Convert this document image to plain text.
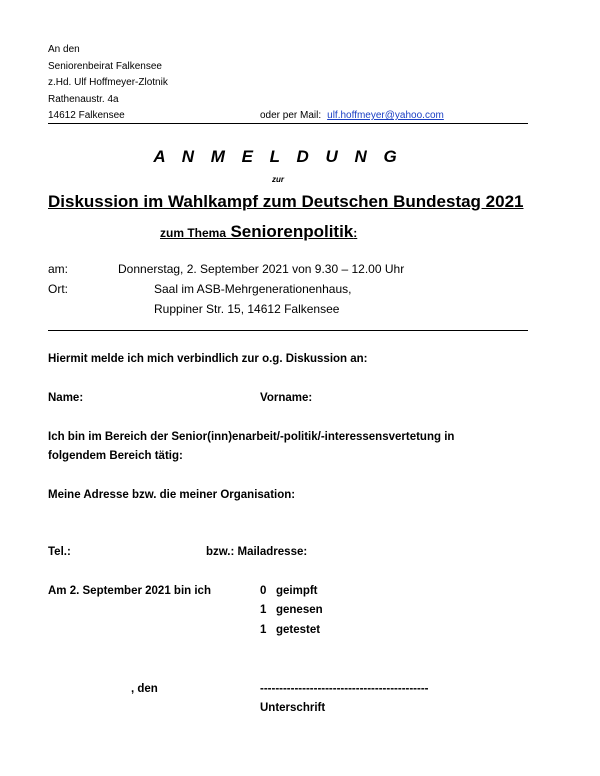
An den
Seniorenbeirat Falkensee
z.Hd. Ulf Hoffmeyer-Zlotnik
Rathenaustr. 4a
14612 Falkensee	oder per Mail: ulf.hoffmeyer@yahoo.com
A N M E L D U N G
zur
Diskussion im Wahlkampf zum Deutschen Bundestag 2021
zum Thema Seniorenpolitik:
am:	Donnerstag, 2. September 2021 von 9.30 – 12.00 Uhr
Ort:	Saal im ASB-Mehrgenerationenhaus,
Ruppiner Str. 15, 14612 Falkensee
Hiermit melde ich mich verbindlich zur o.g. Diskussion an:
Name:	Vorname:
Ich bin im Bereich der Senior(inn)enarbeit/-politik/-interessensvertetung in
folgendem Bereich tätig:
Meine Adresse bzw. die meiner Organisation:
Tel.:	bzw.: Mailadresse:
Am 2. September 2021 bin ich	0   geimpft
1   genesen
1   getestet
, den	--------------------------------------------
Unterschrift
